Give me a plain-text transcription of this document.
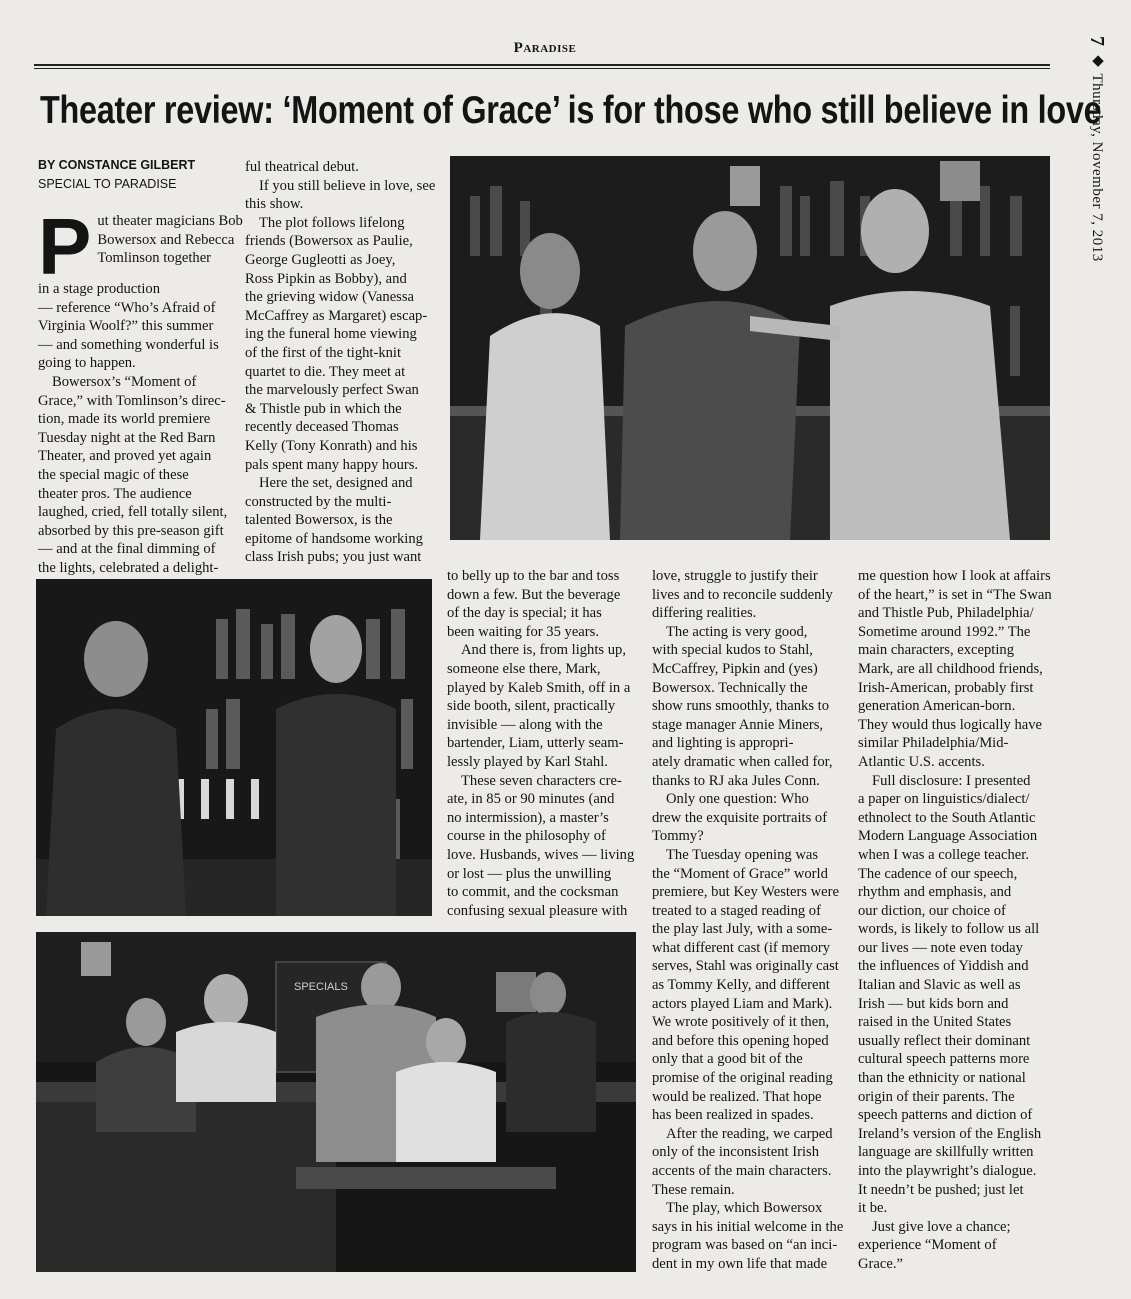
Paradise	7 ◆ Thursday, November 7, 2013
Theater review: ‘Moment of Grace’ is for those who still believe in love
BY CONSTANCE GILBERT
SPECIAL TO PARADISE
P ut theater magicians Bob
Bowersox and Rebecca
Tomlinson together
in a stage production
— reference “Who’s Afraid of
Virginia Woolf?” this summer
— and something wonderful is
going to happen.
Bowersox’s “Moment of
Grace,” with Tomlinson’s direc-
tion, made its world premiere
Tuesday night at the Red Barn
Theater, and proved yet again
the special magic of these
theater pros. The audience
laughed, cried, fell totally silent,
absorbed by this pre-season gift
— and at the final dimming of
the lights, celebrated a delight-
ful theatrical debut.
If you still believe in love, see
this show.
The plot follows lifelong
friends (Bowersox as Paulie,
George Gugleotti as Joey,
Ross Pipkin as Bobby), and
the grieving widow (Vanessa
McCaffrey as Margaret) escap-
ing the funeral home viewing
of the first of the tight-knit
quartet to die. They meet at
the marvelously perfect Swan
& Thistle pub in which the
recently deceased Thomas
Kelly (Tony Konrath) and his
pals spent many happy hours.
Here the set, designed and
constructed by the multi-
talented Bowersox, is the
epitome of handsome working
class Irish pubs; you just want
to belly up to the bar and toss
down a few. But the beverage
of the day is special; it has
been waiting for 35 years.
And there is, from lights up,
someone else there, Mark,
played by Kaleb Smith, off in a
side booth, silent, practically
invisible — along with the
bartender, Liam, utterly seam-
lessly played by Karl Stahl.
These seven characters cre-
ate, in 85 or 90 minutes (and
no intermission), a master’s
course in the philosophy of
love. Husbands, wives — living
or lost — plus the unwilling
to commit, and the cocksman
confusing sexual pleasure with
love, struggle to justify their
lives and to reconcile suddenly
differing realities.
The acting is very good,
with special kudos to Stahl,
McCaffrey, Pipkin and (yes)
Bowersox. Technically the
show runs smoothly, thanks to
stage manager Annie Miners,
and lighting is appropri-
ately dramatic when called for,
thanks to RJ aka Jules Conn.
Only one question: Who
drew the exquisite portraits of
Tommy?
The Tuesday opening was
the “Moment of Grace” world
premiere, but Key Westers were
treated to a staged reading of
the play last July, with a some-
what different cast (if memory
serves, Stahl was originally cast
as Tommy Kelly, and different
actors played Liam and Mark).
We wrote positively of it then,
and before this opening hoped
only that a good bit of the
promise of the original reading
would be realized. That hope
has been realized in spades.
After the reading, we carped
only of the inconsistent Irish
accents of the main characters.
These remain.
The play, which Bowersox
says in his initial welcome in the
program was based on “an inci-
dent in my own life that made
me question how I look at affairs
of the heart,” is set in “The Swan
and Thistle Pub, Philadelphia/
Sometime around 1992.” The
main characters, excepting
Mark, are all childhood friends,
Irish-American, probably first
generation American-born.
They would thus logically have
similar Philadelphia/Mid-
Atlantic U.S. accents.
Full disclosure: I presented
a paper on linguistics/dialect/
ethnolect to the South Atlantic
Modern Language Association
when I was a college teacher.
The cadence of our speech,
rhythm and emphasis, and
our diction, our choice of
words, is likely to follow us all
our lives — note even today
the influences of Yiddish and
Italian and Slavic as well as
Irish — but kids born and
raised in the United States
usually reflect their dominant
cultural speech patterns more
than the ethnicity or national
origin of their parents. The
speech patterns and diction of
Ireland’s version of the English
language are skillfully written
into the playwright’s dialogue.
It needn’t be pushed; just let
it be.
Just give love a chance;
experience “Moment of
Grace.”
SPECIALS
